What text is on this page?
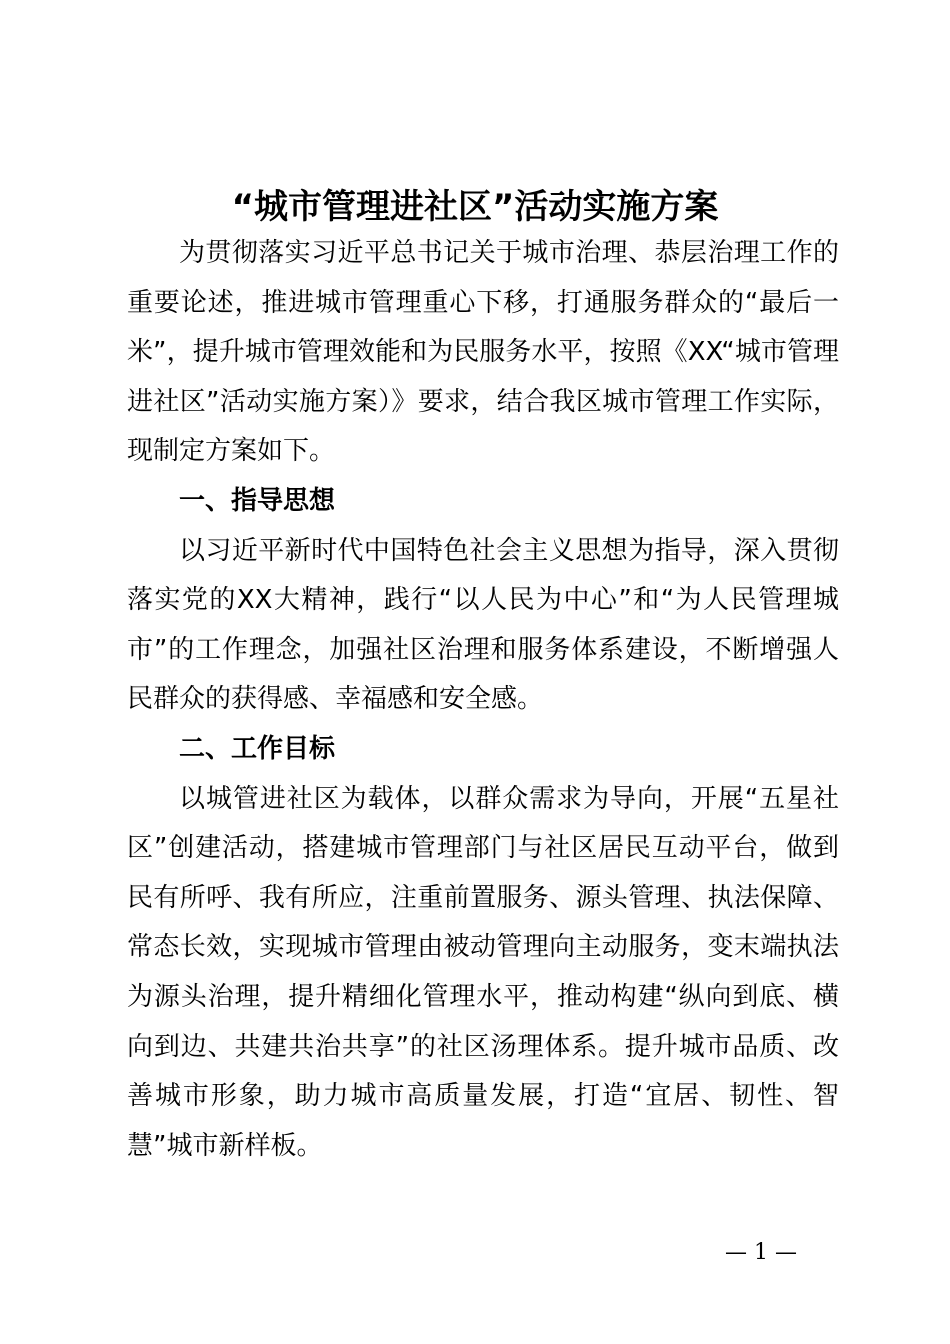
“城市管理进社区”活动实施方案

为贯彻落实习近平总书记关于城市治理、恭层治理工作的重要论述，推进城市管理重心下移，打通服务群众的“最后一米”，提升城市管理效能和为民服务水平，按照《XX“城市管理进社区”活动实施方案）》要求，结合我区城市管理工作实际，现制定方案如下。

一、指导思想

以习近平新时代中国特色社会主义思想为指导，深入贯彻落实党的XX大精神，践行“以人民为中心”和“为人民管理城市”的工作理念，加强社区治理和服务体系建设，不断增强人民群众的获得感、幸福感和安全感。

二、工作目标

以城管进社区为载体，以群众需求为导向，开展“五星社区”创建活动，搭建城市管理部门与社区居民互动平台，做到民有所呼、我有所应，注重前置服务、源头管理、执法保障、常态长效，实现城市管理由被动管理向主动服务，变末端执法为源头治理，提升精细化管理水平，推动构建“纵向到底、横向到边、共建共治共享”的社区汤理体系。提升城市品质、改善城市形象，助力城市高质量发展，打造“宜居、韧性、智慧”城市新样板。

— 1 —
